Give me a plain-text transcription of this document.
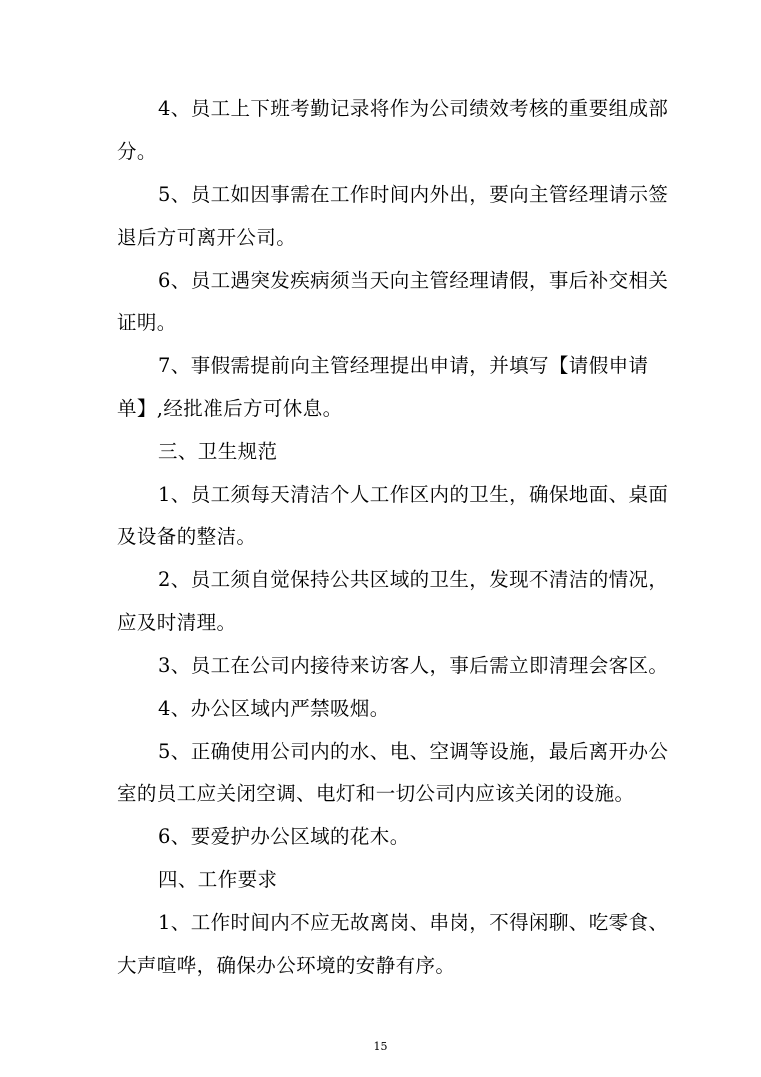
4、员工上下班考勤记录将作为公司绩效考核的重要组成部
分。
5、员工如因事需在工作时间内外出，要向主管经理请示签
退后方可离开公司。
6、员工遇突发疾病须当天向主管经理请假，事后补交相关
证明。
7、事假需提前向主管经理提出申请，并填写【请假申请
单】,经批准后方可休息。
三、卫生规范
1、员工须每天清洁个人工作区内的卫生，确保地面、桌面
及设备的整洁。
2、员工须自觉保持公共区域的卫生，发现不清洁的情况，
应及时清理。
3、员工在公司内接待来访客人，事后需立即清理会客区。
4、办公区域内严禁吸烟。
5、正确使用公司内的水、电、空调等设施，最后离开办公
室的员工应关闭空调、电灯和一切公司内应该关闭的设施。
6、要爱护办公区域的花木。
四、工作要求
1、工作时间内不应无故离岗、串岗，不得闲聊、吃零食、
大声喧哗，确保办公环境的安静有序。
15
